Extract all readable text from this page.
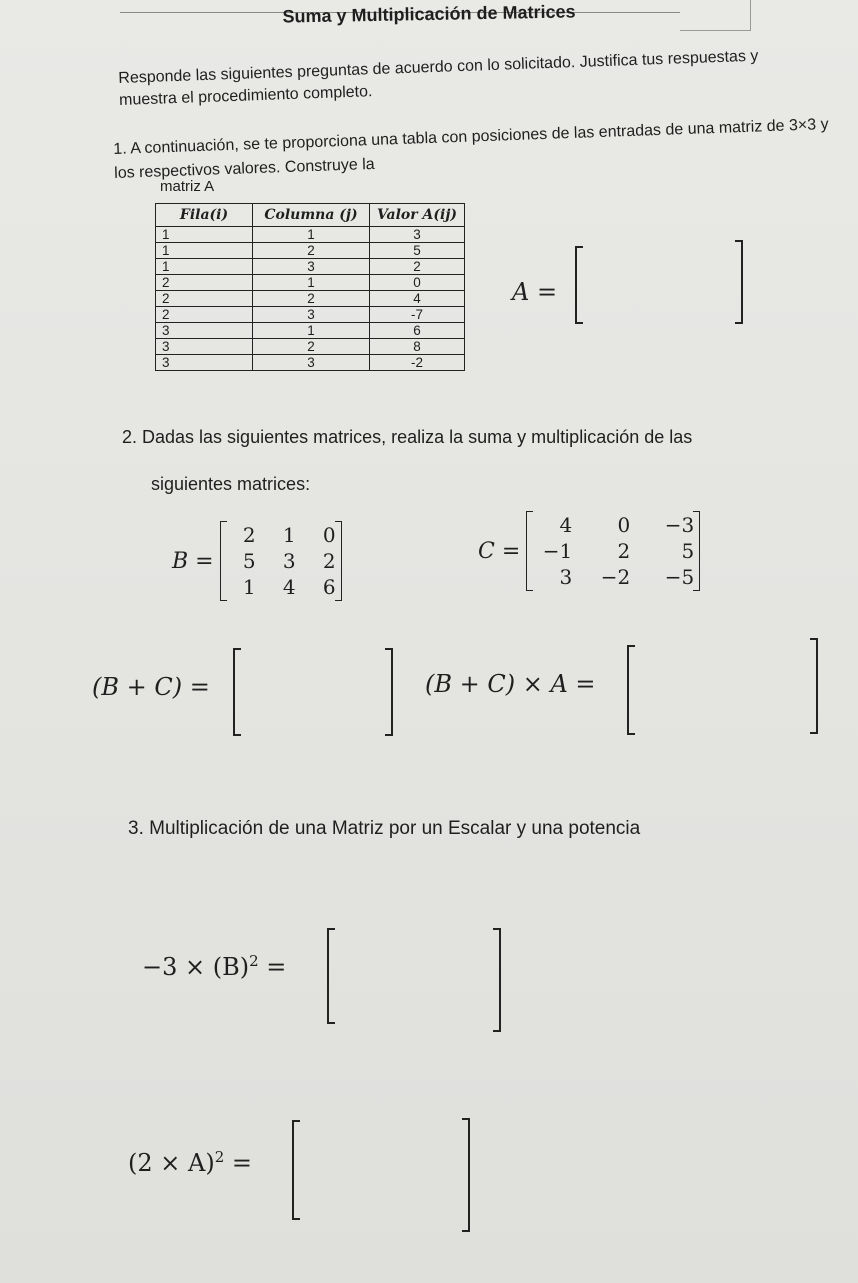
Suma y Multiplicación de Matrices
Responde las siguientes preguntas de acuerdo con lo solicitado. Justifica tus respuestas y muestra el procedimiento completo.
1. A continuación, se te proporciona una tabla con posiciones de las entradas de una matriz de 3×3 y los respectivos valores. Construye la
matriz A
Fila(i)	Columna (j)	Valor A(ij)
1	1	3
1	2	5
1	3	2
2	1	0
2	2	4
2	3	-7
3	1	6
3	2	8
3	3	-2
A =
2. Dadas las siguientes matrices, realiza la suma y multiplicación de las
siguientes matrices:
B =
2	1	0
5	3	2
1	4	6
C =
4	0	−3
−1	2	5
3	−2	−5
(B + C) =	(B + C) × A =
3. Multiplicación de una Matriz por un Escalar y una potencia
$-3 \times (B)^2$ =
$(2 \times A)^2$ =
